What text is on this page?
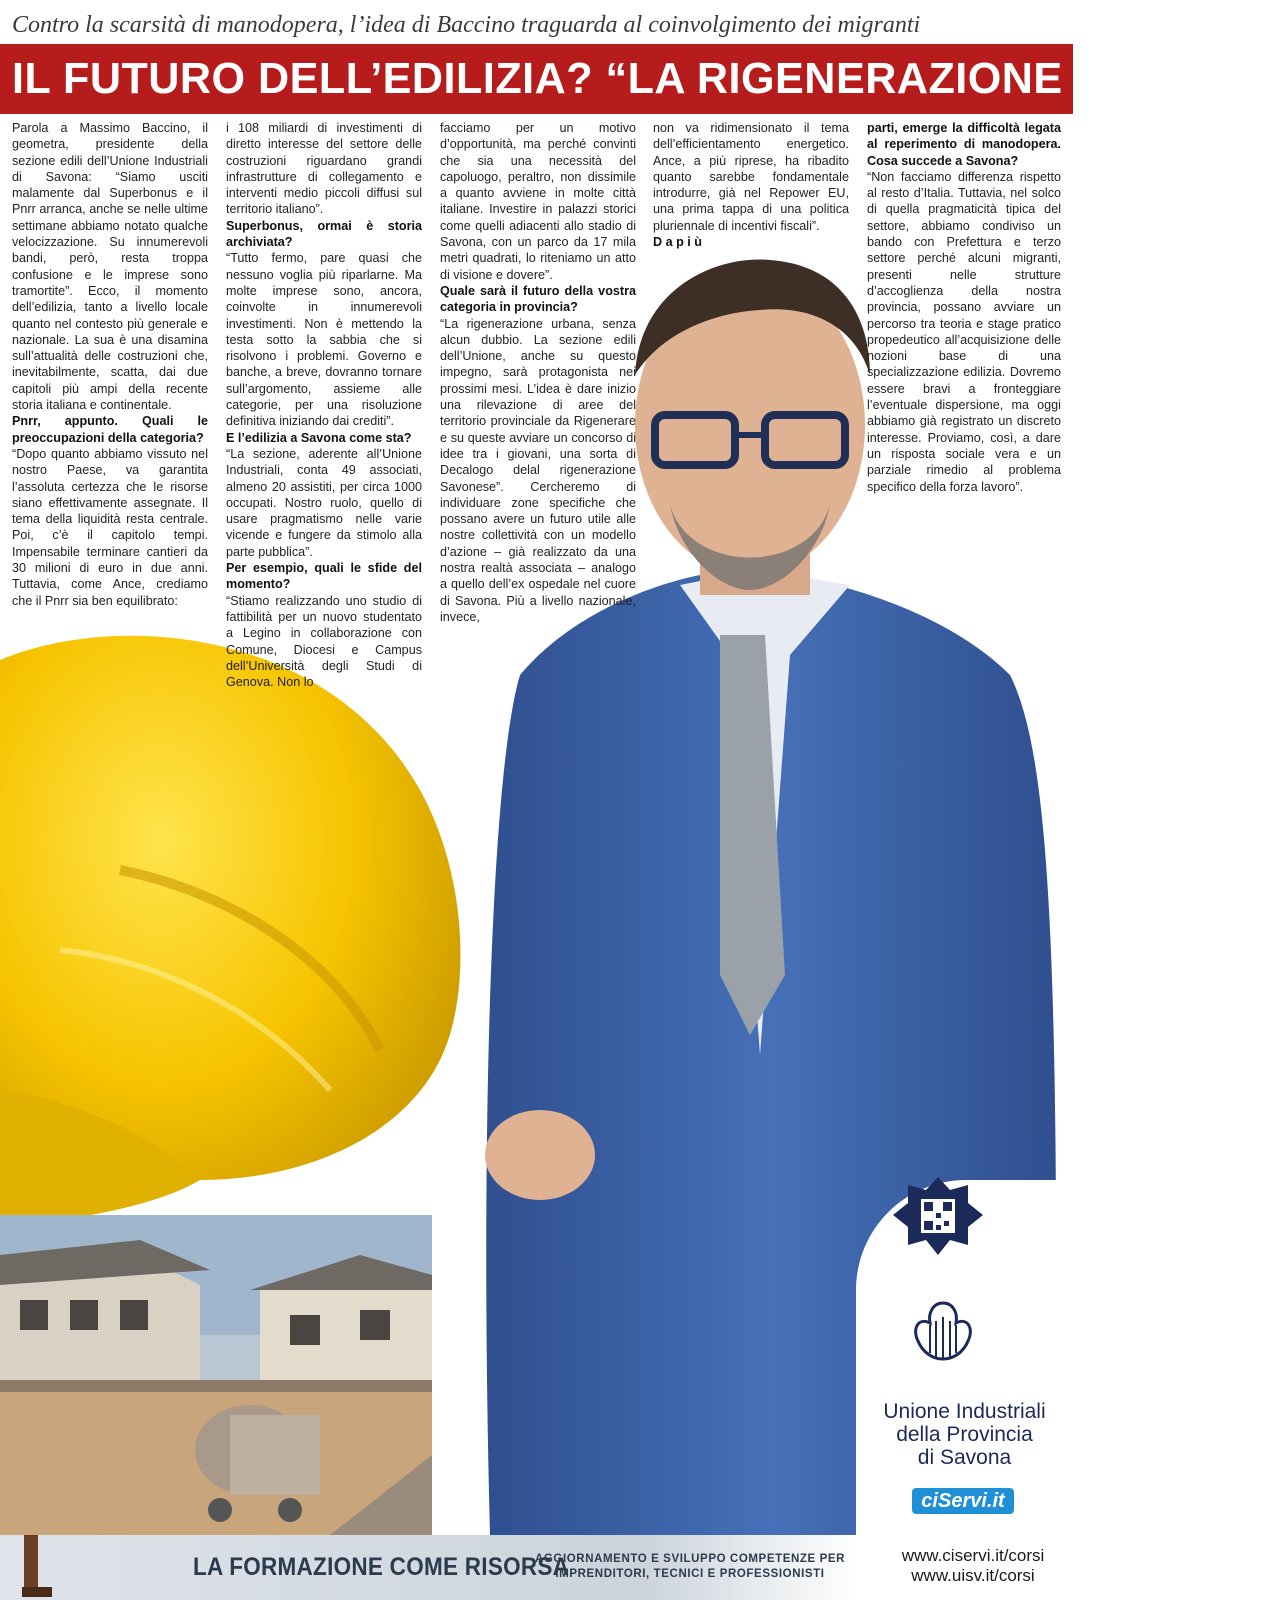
Contro la scarsità di manodopera, l’idea di Baccino traguarda al coinvolgimento dei migranti
IL FUTURO DELL’EDILIZIA? “LA RIGENERAZIONE URBANA”

Parola a Massimo Baccino, il geometra, presidente della sezione edili dell’Unione Industriali di Savona: “Siamo usciti malamente dal Superbonus e il Pnrr arranca, anche se nelle ultime settimane abbiamo notato qualche velocizzazione. Su innumerevoli bandi, però, resta troppa confusione e le imprese sono tramortite”. Ecco, il momento dell’edilizia, tanto a livello locale quanto nel contesto più generale e nazionale. La sua è una disamina sull’attualità delle costruzioni che, inevitabilmente, scatta, dai due capitoli più ampi della recente storia italiana e continentale.

Pnrr, appunto. Quali le preoccupazioni della categoria?

“Dopo quanto abbiamo vissuto nel nostro Paese, va garantita l’assoluta certezza che le risorse siano effettivamente assegnate. Il tema della liquidità resta centrale. Poi, c’è il capitolo tempi. Impensabile terminare cantieri da 30 milioni di euro in due anni. Tuttavia, come Ance, crediamo che il Pnrr sia ben equilibrato:

i 108 miliardi di investimenti di diretto interesse del settore delle costruzioni riguardano grandi infrastrutture di collegamento e interventi medio piccoli diffusi sul territorio italiano”.

Superbonus, ormai è storia archiviata?

“Tutto fermo, pare quasi che nessuno voglia più riparlarne. Ma molte imprese sono, ancora, coinvolte in innumerevoli investimenti. Non è mettendo la testa sotto la sabbia che si risolvono i problemi. Governo e banche, a breve, dovranno tornare sull’argomento, assieme alle categorie, per una risoluzione definitiva iniziando dai crediti”.

E l’edilizia a Savona come sta?

“La sezione, aderente all’Unione Industriali, conta 49 associati, almeno 20 assistiti, per circa 1000 occupati. Nostro ruolo, quello di usare pragmatismo nelle varie vicende e fungere da stimolo alla parte pubblica”.

Per esempio, quali le sfide del momento?

“Stiamo realizzando uno studio di fattibilità per un nuovo studentato a Legino in collaborazione con Comune, Diocesi e Campus dell’Università degli Studi di Genova. Non lo

facciamo per un motivo d’opportunità, ma perché convinti che sia una necessità del capoluogo, peraltro, non dissimile a quanto avviene in molte città italiane. Investire in palazzi storici come quelli adiacenti allo stadio di Savona, con un parco da 17 mila metri quadrati, lo riteniamo un atto di visione e dovere”.

Quale sarà il futuro della vostra categoria in provincia?

“La rigenerazione urbana, senza alcun dubbio. La sezione edili dell’Unione, anche su questo impegno, sarà protagonista nei prossimi mesi. L’idea è dare inizio una rilevazione di aree del territorio provinciale da Rigenerare e su queste avviare un concorso di idee tra i giovani, una sorta di Decalogo delal rigenerazione Savonese”. Cercheremo di individuare zone specifiche che possano avere un futuro utile alle nostre collettività con un modello d’azione – già realizzato da una nostra realtà associata – analogo a quello dell’ex ospedale nel cuore di Savona. Più a livello nazionale, invece,

non va ridimensionato il tema dell’efficientamento energetico. Ance, a più riprese, ha ribadito quanto sarebbe fondamentale introdurre, già nel Repower EU, una prima tappa di una politica pluriennale di incentivi fiscali”.

D a p i ù

parti, emerge la difficoltà legata al reperimento di manodopera. Cosa succede a Savona?

“Non facciamo differenza rispetto al resto d’Italia. Tuttavia, nel solco di quella pragmaticità tipica del settore, abbiamo condiviso un bando con Prefettura e terzo settore perché alcuni migranti, presenti nelle strutture d’accoglienza della nostra provincia, possano avviare un percorso tra teoria e stage pratico propedeutico all’acquisizione delle nozioni base di una specializzazione edilizia. Dovremo essere bravi a fronteggiare l’eventuale dispersione, ma oggi abbiamo già registrato un discreto interesse. Proviamo, così, a dare un risposta sociale vera e un parziale rimedio al problema specifico della forza lavoro”.

Unione Industriali
della Provincia
di Savona
ciServi.it
LA FORMAZIONE COME RISORSA
AGGIORNAMENTO E SVILUPPO COMPETENZE PER
IMPRENDITORI, TECNICI E PROFESSIONISTI
www.ciservi.it/corsi
www.uisv.it/corsi
